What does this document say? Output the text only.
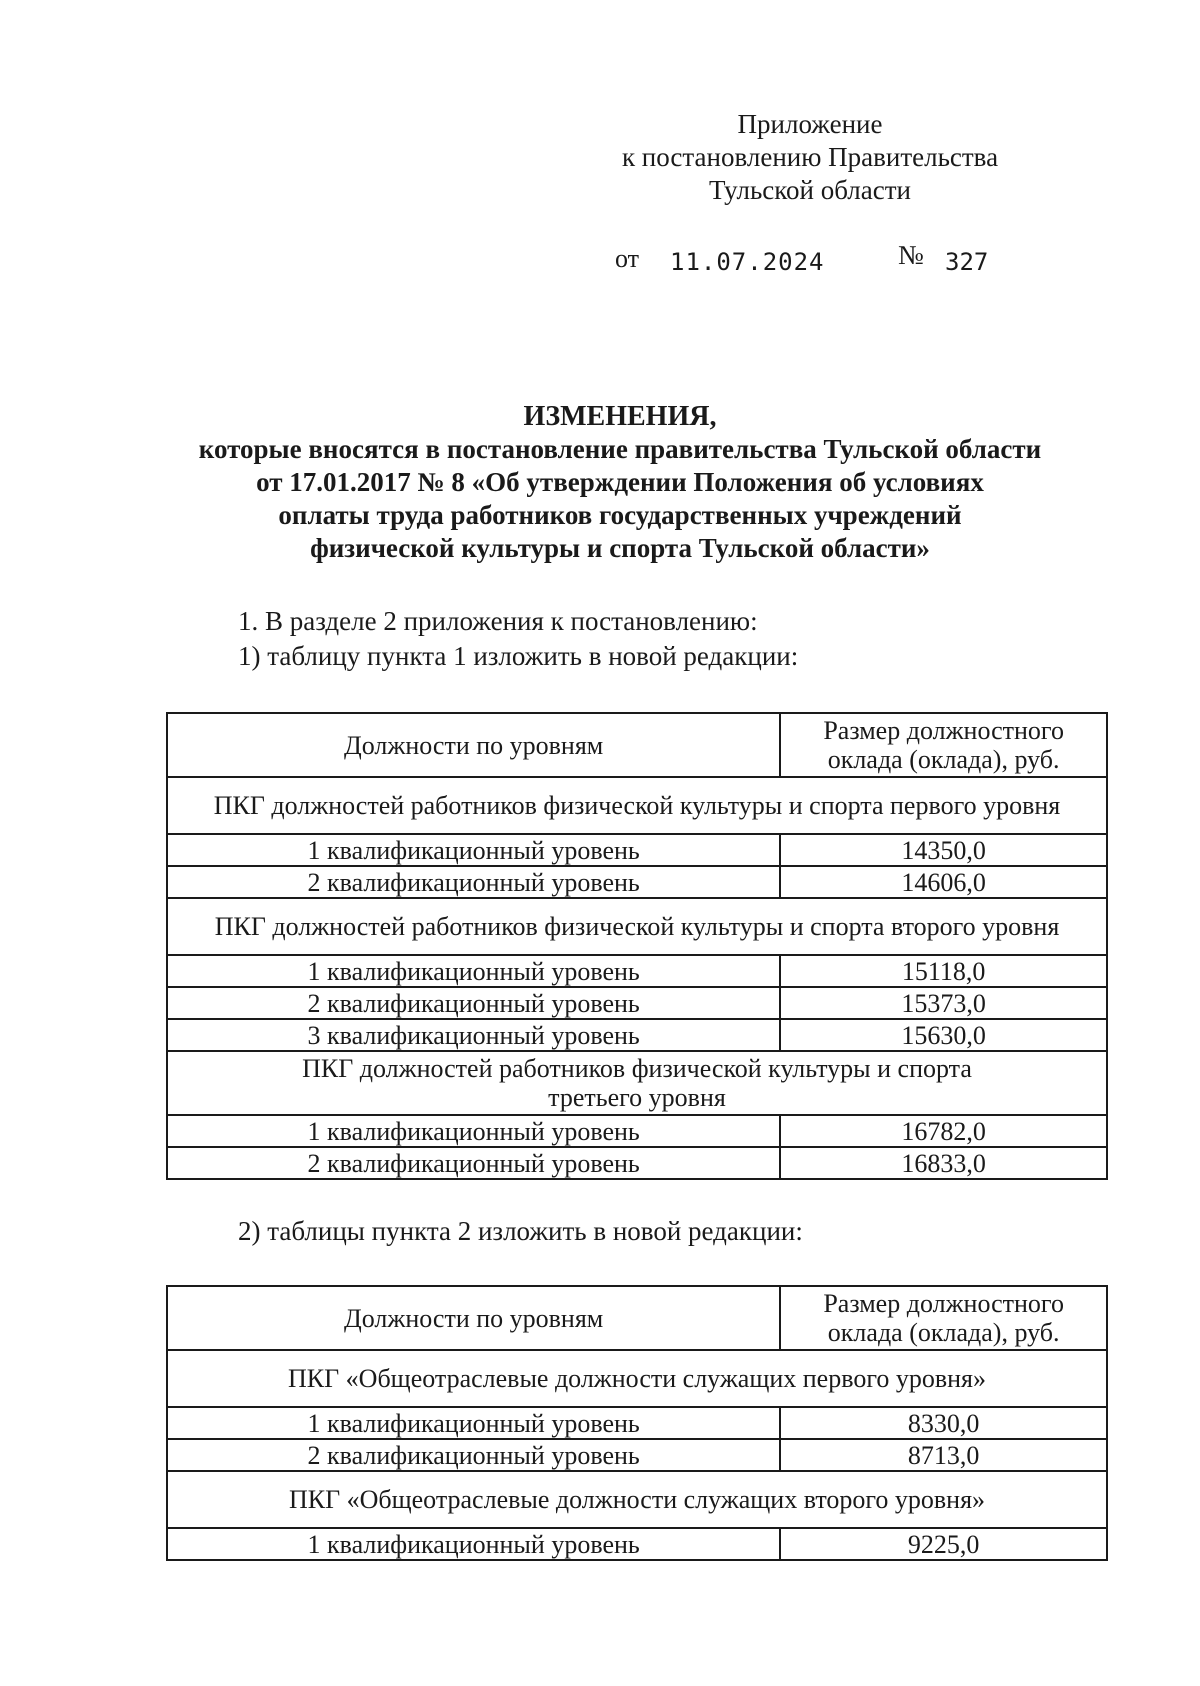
Приложение
к постановлению Правительства
Тульской области
от 11.07.2024	№ 327
ИЗМЕНЕНИЯ,
которые вносятся в постановление правительства Тульской области
от 17.01.2017 № 8 «Об утверждении Положения об условиях
оплаты труда работников государственных учреждений
физической культуры и спорта Тульской области»
1. В разделе 2 приложения к постановлению:
1) таблицу пункта 1 изложить в новой редакции:
Должности по уровням	Размер должностного
оклада (оклада), руб.

ПКГ должностей работников физической культуры и спорта первого уровня	
1 квалификационный уровень	14350,0
2 квалификационный уровень	14606,0
ПКГ должностей работников физической культуры и спорта второго уровня	
1 квалификационный уровень	15118,0
2 квалификационный уровень	15373,0
3 квалификационный уровень	15630,0

ПКГ должностей работников физической культуры и спорта
третьего уровня	

1 квалификационный уровень	16782,0
2 квалификационный уровень	16833,0
2) таблицы пункта 2 изложить в новой редакции:
Должности по уровням	Размер должностного
оклада (оклада), руб.

ПКГ «Общеотраслевые должности служащих первого уровня»	
1 квалификационный уровень	8330,0
2 квалификационный уровень	8713,0
ПКГ «Общеотраслевые должности служащих второго уровня»	
1 квалификационный уровень	9225,0
